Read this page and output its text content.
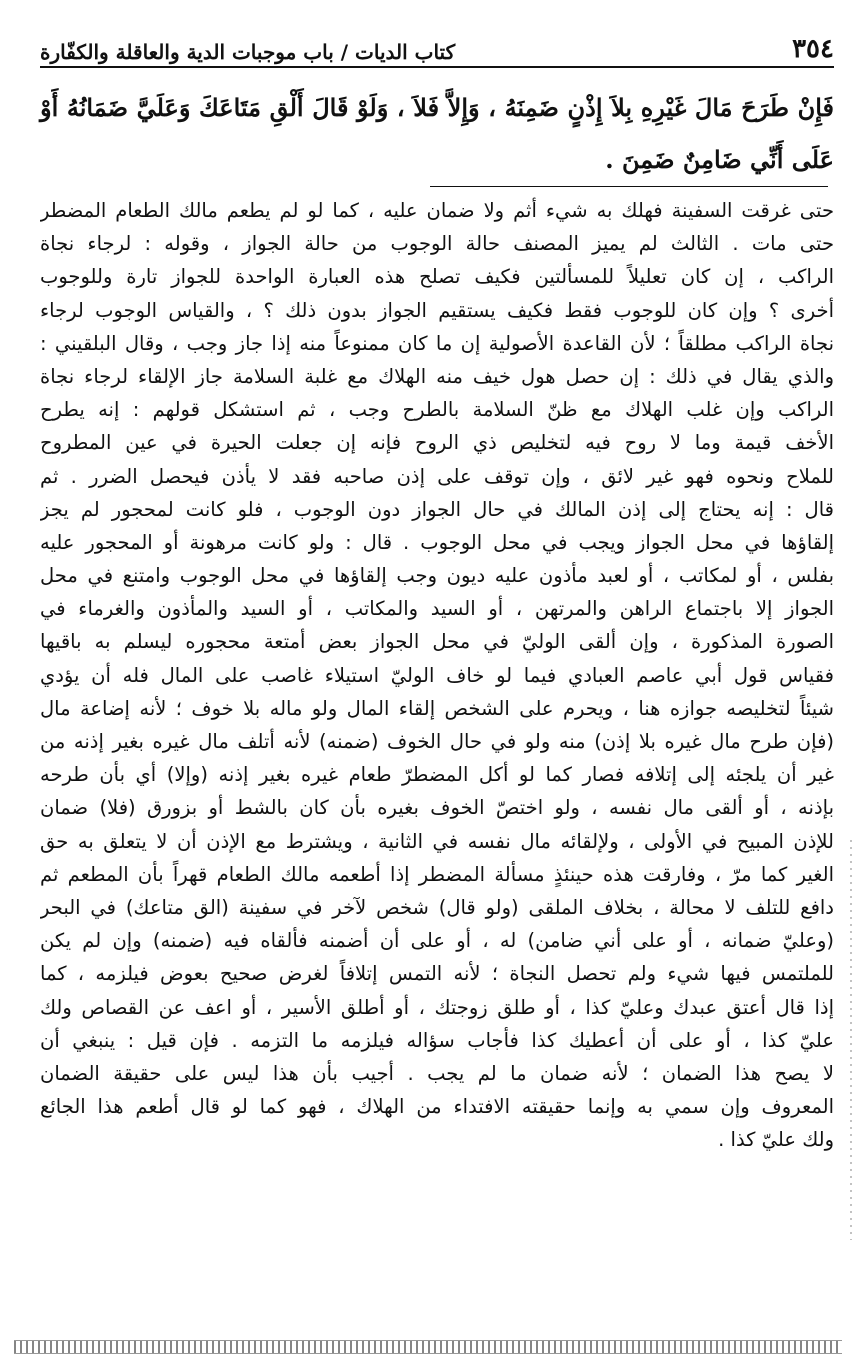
٣٥٤
كتاب الديات / باب موجبات الدية والعاقلة والكفّارة
فَإِنْ طَرَحَ مَالَ غَيْرِهِ بِلاَ إِذْنٍ ضَمِنَهُ ، وَإِلاَّ فَلاَ ، وَلَوْ قَالَ أَلْقِ مَتَاعَكَ وَعَلَيَّ ضَمَانُهُ أَوْ عَلَى أَنِّي ضَامِنٌ ضَمِنَ .
حتى غرقت السفينة فهلك به شيء أثم ولا ضمان عليه ، كما لو لم يطعم مالك الطعام المضطر
حتى مات . الثالث لم يميز المصنف حالة الوجوب من حالة الجواز ، وقوله : لرجاء نجاة
الراكب ، إن كان تعليلاً للمسألتين فكيف تصلح هذه العبارة الواحدة للجواز تارة وللوجوب
أخرى ؟ وإن كان للوجوب فقط فكيف يستقيم الجواز بدون ذلك ؟ ، والقياس الوجوب لرجاء
نجاة الراكب مطلقاً ؛ لأن القاعدة الأصولية إن ما كان ممنوعاً منه إذا جاز وجب ، وقال البلقيني :
والذي يقال في ذلك : إن حصل هول خيف منه الهلاك مع غلبة السلامة جاز الإلقاء لرجاء نجاة
الراكب وإن غلب الهلاك مع ظنّ السلامة بالطرح وجب ، ثم استشكل قولهم : إنه يطرح
الأخف قيمة وما لا روح فيه لتخليص ذي الروح فإنه إن جعلت الحيرة في عين المطروح
للملاح ونحوه فهو غير لائق ، وإن توقف على إذن صاحبه فقد لا يأذن فيحصل الضرر . ثم
قال : إنه يحتاج إلى إذن المالك في حال الجواز دون الوجوب ، فلو كانت لمحجور لم يجز
إلقاؤها في محل الجواز ويجب في محل الوجوب . قال : ولو كانت مرهونة أو المحجور عليه
بفلس ، أو لمكاتب ، أو لعبد مأذون عليه ديون وجب إلقاؤها في محل الوجوب وامتنع في محل
الجواز إلا باجتماع الراهن والمرتهن ، أو السيد والمكاتب ، أو السيد والمأذون والغرماء في
الصورة المذكورة ، وإن ألقى الوليّ في محل الجواز بعض أمتعة محجوره ليسلم به باقيها
فقياس قول أبي عاصم العبادي فيما لو خاف الوليّ استيلاء غاصب على المال فله أن يؤدي
شيئاً لتخليصه جوازه هنا ، ويحرم على الشخص إلقاء المال ولو ماله بلا خوف ؛ لأنه إضاعة مال
(فإن طرح مال غيره بلا إذن) منه ولو في حال الخوف (ضمنه) لأنه أتلف مال غيره بغير إذنه من
غير أن يلجئه إلى إتلافه فصار كما لو أكل المضطرّ طعام غيره بغير إذنه (وإلا) أي بأن طرحه
بإذنه ، أو ألقى مال نفسه ، ولو اختصّ الخوف بغيره بأن كان بالشط أو بزورق (فلا) ضمان
للإذن المبيح في الأولى ، ولإلقائه مال نفسه في الثانية ، ويشترط مع الإذن أن لا يتعلق به حق
الغير كما مرّ ، وفارقت هذه حينئذٍ مسألة المضطر إذا أطعمه مالك الطعام قهراً بأن المطعم ثم
دافع للتلف لا محالة ، بخلاف الملقى (ولو قال) شخص لآخر في سفينة (الق متاعك) في البحر
(وعليّ ضمانه ، أو على أني ضامن) له ، أو على أن أضمنه فألقاه فيه (ضمنه) وإن لم يكن
للملتمس فيها شيء ولم تحصل النجاة ؛ لأنه التمس إتلافاً لغرض صحيح بعوض فيلزمه ، كما
إذا قال أعتق عبدك وعليّ كذا ، أو طلق زوجتك ، أو أطلق الأسير ، أو اعف عن القصاص ولك
عليّ كذا ، أو على أن أعطيك كذا فأجاب سؤاله فيلزمه ما التزمه . فإن قيل : ينبغي أن
لا يصح هذا الضمان ؛ لأنه ضمان ما لم يجب . أجيب بأن هذا ليس على حقيقة الضمان
المعروف وإن سمي به وإنما حقيقته الافتداء من الهلاك ، فهو كما لو قال أطعم هذا الجائع
ولك عليّ كذا .
